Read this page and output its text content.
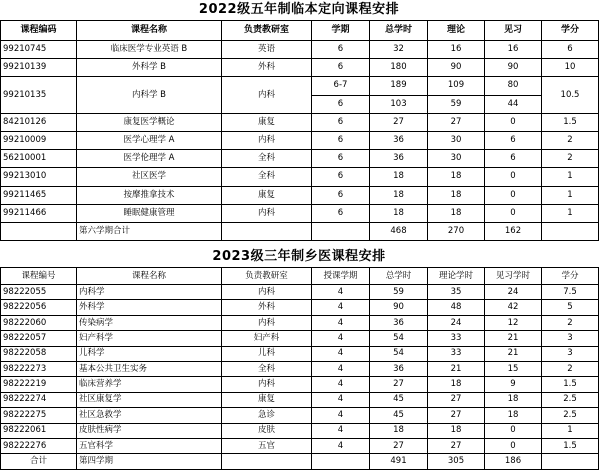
2022级五年制临本定向课程安排
课程编码	课程名称	负责教研室	学期	总学时	理论	见习	学分
99210745	临床医学专业英语 B	英语	6	32	16	16	6
99210139	外科学 B	外科	6	180	90	90	10
99210135	内科学 B	内科	6-7	189	109	80	10.5
			6	103	59	44	
84210126	康复医学概论	康复	6	27	27	0	1.5
99210009	医学心理学 A	内科	6	36	30	6	2
56210001	医学伦理学 A	全科	6	36	30	6	2
99213010	社区医学	全科	6	18	18	0	1
99211465	按摩推拿技术	康复	6	18	18	0	1
99211466	睡眠健康管理	内科	6	18	18	0	1
	第六学期合计			468	270	162	
2023级三年制乡医课程安排
课程编号	课程名称	负责教研室	授课学期	总学时	理论学时	见习学时	学分
98222055	内科学	内科	4	59	35	24	7.5
98222056	外科学	外科	4	90	48	42	5
98222060	传染病学	内科	4	36	24	12	2
98222057	妇产科学	妇产科	4	54	33	21	3
98222058	儿科学	儿科	4	54	33	21	3
98222273	基本公共卫生实务	全科	4	36	21	15	2
98222219	临床营养学	内科	4	27	18	9	1.5
98222274	社区康复学	康复	4	45	27	18	2.5
98222275	社区急救学	急诊	4	45	27	18	2.5
98222061	皮肤性病学	皮肤	4	18	18	0	1
98222276	五官科学	五官	4	27	27	0	1.5
合计	第四学期			491	305	186	
